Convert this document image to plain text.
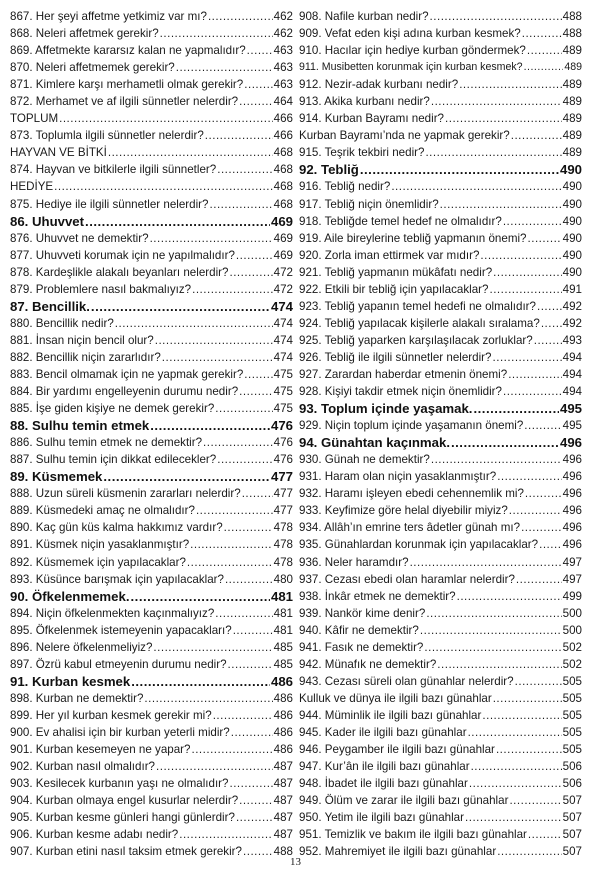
867. Her şeyi affetme yetkimiz var mı? .....	462
868. Neleri affetmek gerekir? .....	462
869. Affetmekte kararsız kalan ne yapmalıdır? ..... 463
870. Neleri affetmemek gerekir? .....	463
871. Kimlere karşı merhametli olmak gerekir? .....	463
872. Merhamet ve af ilgili sünnetler nelerdir? .....	464
TOPLUM .....	466
873. Toplumla ilgili sünnetler nelerdir? .....	466
HAYVAN VE BİTKİ .....	468
874. Hayvan ve bitkilerle ilgili sünnetler? .....	468
HEDİYE .....	468
875. Hediye ile ilgili sünnetler nelerdir? .....	468
86. Uhuvvet .....	469
876. Uhuvvet ne demektir? .....	469
877. Uhuvveti korumak için ne yapılmalıdır? .....	469
878. Kardeşlikle alakalı beyanları nelerdir? .....	472
879. Problemlere nasıl bakmalıyız? .....	472
87. Bencillik. .....	474
880. Bencillik nedir? .....	474
881. İnsan niçin bencil olur? .....	474
882. Bencillik niçin zararlıdır? .....	474
883. Bencil olmamak için ne yapmak gerekir? .....	475
884. Bir yardımı engelleyenin durumu nedir? .....	475
885. İşe giden kişiye ne demek gerekir? .....	475
88. Sulhu temin etmek .....	476
886. Sulhu temin etmek ne demektir? .....	476
887. Sulhu temin için dikkat edilecekler? .....	476
89. Küsmemek .....	477
888. Uzun süreli küsmenin zararları nelerdir? .....	477
889. Küsmedeki amaç ne olmalıdır? .....	477
890. Kaç gün küs kalma hakkımız vardır? .....	478
891. Küsmek niçin yasaklanmıştır? .....	478
892. Küsmemek için yapılacaklar? .....	478
893. Küsünce barışmak için yapılacaklar? .....	480
90. Öfkelenmemek. .....	481
894. Niçin öfkelenmekten kaçınmalıyız? .....	481
895. Öfkelenmek istemeyenin yapacakları? .....	481
896. Nelere öfkelenmeliyiz? .....	485
897. Özrü kabul etmeyenin durumu nedir? .....	485
91. Kurban kesmek .....	486
898. Kurban ne demektir? .....	486
899. Her yıl kurban kesmek gerekir mi? .....	486
900. Ev ahalisi için bir kurban yeterli midir? .....	486
901. Kurban kesemeyen ne yapar? .....	486
902. Kurban nasıl olmalıdır? .....	487
903. Kesilecek kurbanın yaşı ne olmalıdır? .....	487
904. Kurban olmaya engel kusurlar nelerdir? .....	487
905. Kurban kesme günleri hangi günlerdir? .....	487
906. Kurban kesme adabı nedir? .....	487
907. Kurban etini nasıl taksim etmek gerekir? .....	488
908. Nafile kurban nedir? .....	488
909. Vefat eden kişi adına kurban kesmek? .....	488
910. Hacılar için hediye kurban göndermek? .....	489
911. Musibetten korunmak için kurban kesmek? .....	489
912. Nezir-adak kurbanı nedir? .....	489
913. Akika kurbanı nedir? .....	489
914. Kurban Bayramı nedir? .....	489
Kurban Bayramı’nda ne yapmak gerekir? .....	489
915. Teşrik tekbiri nedir? .....	489
92. Tebliğ .....	490
916. Tebliğ nedir? .....	490
917. Tebliğ niçin önemlidir? .....	490
918. Tebliğde temel hedef ne olmalıdır? .....	490
919. Aile bireylerine tebliğ yapmanın önemi? .....	490
920. Zorla iman ettirmek var mıdır? .....	490
921. Tebliğ yapmanın mükâfatı nedir? .....	490
922. Etkili bir tebliğ için yapılacaklar? .....	491
923. Tebliğ yapanın temel hedefi ne olmalıdır? ..... 492
924. Tebliğ yapılacak kişilerle alakalı sıralama? ..... 492
925. Tebliğ yaparken karşılaşılacak zorluklar? .....	493
926. Tebliğ ile ilgili sünnetler nelerdir? .....	494
927. Zarardan haberdar etmenin önemi? .....	494
928. Kişiyi takdir etmek niçin önemlidir? .....	494
93. Toplum içinde yaşamak. .....	495
929. Niçin toplum içinde yaşamanın önemi? .....	495
94. Günahtan kaçınmak. .....	496
930. Günah ne demektir? .....	496
931. Haram olan niçin yasaklanmıştır? .....	496
932. Haramı işleyen ebedi cehennemlik mi? .....	496
933. Keyfimize göre helal diyebilir miyiz? .....	496
934. Allâh’ın emrine ters âdetler günah mı? .....	496
935. Günahlardan korunmak için yapılacaklar? ..... 496
936. Neler haramdır? .....	497
937. Cezası ebedi olan haramlar nelerdir? .....	497
938. İnkâr etmek ne demektir? .....	499
939. Nankör kime denir? .....	500
940. Kâfir ne demektir? .....	500
941. Fasık ne demektir? .....	502
942. Münafık ne demektir? .....	502
943. Cezası süreli olan günahlar nelerdir? .....	505
Kulluk ve dünya ile ilgili bazı günahlar .....	505
944. Müminlik ile ilgili bazı günahlar .....	505
945. Kader ile ilgili bazı günahlar .....	505
946. Peygamber ile ilgili bazı günahlar .....	505
947. Kur’ân ile ilgili bazı günahlar .....	506
948. İbadet ile ilgili bazı günahlar .....	506
949. Ölüm ve zarar ile ilgili bazı günahlar .....	507
950. Yetim ile ilgili bazı günahlar .....	507
951. Temizlik ve bakım ile ilgili bazı günahlar .....	507
952. Mahremiyet ile ilgili bazı günahlar .....	507
13
